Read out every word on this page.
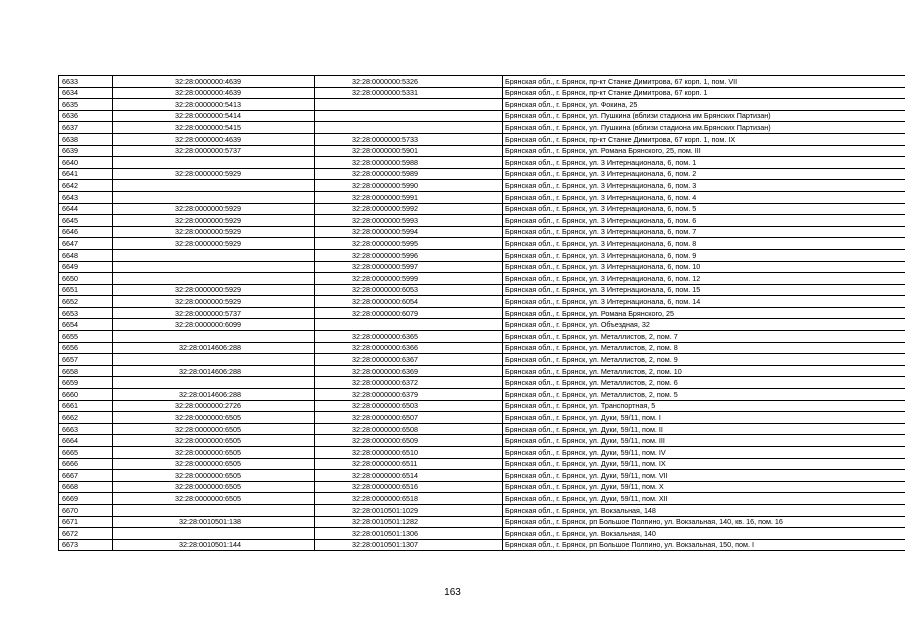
6633	32:28:0000000:4639	32:28:0000000:5326	Брянская обл., г. Брянск, пр-кт Станке Димитрова, 67 корп. 1, пом. VII
6634	32:28:0000000:4639	32:28:0000000:5331	Брянская обл., г. Брянск, пр-кт Станке Димитрова, 67 корп. 1
6635	32:28:0000000:5413		Брянская обл., г. Брянск, ул. Фокина, 25
6636	32:28:0000000:5414		Брянская обл., г. Брянск, ул. Пушкина (вблизи стадиона им Брянских Партизан)
6637	32:28:0000000:5415		Брянская обл., г. Брянск, ул. Пушкина (вблизи стадиона им.Брянских Партизан)
6638	32:28:0000000:4639	32:28:0000000:5733	Брянская обл., г. Брянск, пр-кт Станке Димитрова, 67 корп. 1, пом. IX
6639	32:28:0000000:5737	32:28:0000000:5901	Брянская обл., г. Брянск, ул. Романа Брянского, 25, пом. III
6640		32:28:0000000:5988	Брянская обл., г. Брянск, ул. 3 Интернационала, 6, пом. 1
6641	32:28:0000000:5929	32:28:0000000:5989	Брянская обл., г. Брянск, ул. 3 Интернационала, 6, пом. 2
6642		32:28:0000000:5990	Брянская обл., г. Брянск, ул. 3 Интернационала, 6, пом. 3
6643		32:28:0000000:5991	Брянская обл., г. Брянск, ул. 3 Интернационала, 6, пом. 4
6644	32:28:0000000:5929	32:28:0000000:5992	Брянская обл., г. Брянск, ул. 3 Интернационала, 6, пом. 5
6645	32:28:0000000:5929	32:28:0000000:5993	Брянская обл., г. Брянск, ул. 3 Интернационала, 6, пом. 6
6646	32:28:0000000:5929	32:28:0000000:5994	Брянская обл., г. Брянск, ул. 3 Интернационала, 6, пом. 7
6647	32:28:0000000:5929	32:28:0000000:5995	Брянская обл., г. Брянск, ул. 3 Интернационала, 6, пом. 8
6648		32:28:0000000:5996	Брянская обл., г. Брянск, ул. 3 Интернационала, 6, пом. 9
6649		32:28:0000000:5997	Брянская обл., г. Брянск, ул. 3 Интернационала, 6, пом. 10
6650		32:28:0000000:5999	Брянская обл., г. Брянск, ул. 3 Интернационала, 6, пом. 12
6651	32:28:0000000:5929	32:28:0000000:6053	Брянская обл., г. Брянск, ул. 3 Интернационала, 6, пом. 15
6652	32:28:0000000:5929	32:28:0000000:6054	Брянская обл., г. Брянск, ул. 3 Интернационала, 6, пом. 14
6653	32:28:0000000:5737	32:28:0000000:6079	Брянская обл., г. Брянск, ул. Романа Брянского, 25
6654	32:28:0000000:6099		Брянская обл., г. Брянск, ул. Объездная, 32
6655		32:28:0000000:6365	Брянская обл., г. Брянск, ул. Металлистов, 2, пом. 7
6656	32:28:0014606:288	32:28:0000000:6366	Брянская обл., г. Брянск, ул. Металлистов, 2, пом. 8
6657		32:28:0000000:6367	Брянская обл., г. Брянск, ул. Металлистов, 2, пом. 9
6658	32:28:0014606:288	32:28:0000000:6369	Брянская обл., г. Брянск, ул. Металлистов, 2, пом. 10
6659		32:28:0000000:6372	Брянская обл., г. Брянск, ул. Металлистов, 2, пом. 6
6660	32:28:0014606:288	32:28:0000000:6379	Брянская обл., г. Брянск, ул. Металлистов, 2, пом. 5
6661	32:28:0000000:2726	32:28:0000000:6503	Брянская обл., г. Брянск, ул. Транспортная, 5
6662	32:28:0000000:6505	32:28:0000000:6507	Брянская обл., г. Брянск, ул. Дуки, 59/11, пом. I
6663	32:28:0000000:6505	32:28:0000000:6508	Брянская обл., г. Брянск, ул. Дуки, 59/11, пом. II
6664	32:28:0000000:6505	32:28:0000000:6509	Брянская обл., г. Брянск, ул. Дуки, 59/11, пом. III
6665	32:28:0000000:6505	32:28:0000000:6510	Брянская обл., г. Брянск, ул. Дуки, 59/11, пом. IV
6666	32:28:0000000:6505	32:28:0000000:6511	Брянская обл., г. Брянск, ул. Дуки, 59/11, пом. IX
6667	32:28:0000000:6505	32:28:0000000:6514	Брянская обл., г. Брянск, ул. Дуки, 59/11, пом. VII
6668	32:28:0000000:6505	32:28:0000000:6516	Брянская обл., г. Брянск, ул. Дуки, 59/11, пом. X
6669	32:28:0000000:6505	32:28:0000000:6518	Брянская обл., г. Брянск, ул. Дуки, 59/11, пом. XII
6670		32:28:0010501:1029	Брянская обл., г. Брянск, ул. Вокзальная, 148
6671	32:28:0010501:138	32:28:0010501:1282	Брянская обл., г. Брянск, рп Большое Полпино, ул. Вокзальная, 140, кв. 16, пом. 16
6672		32:28:0010501:1306	Брянская обл., г. Брянск, ул. Вокзальная, 140
6673	32:28:0010501:144	32:28:0010501:1307	Брянская обл., г. Брянск, рп Большое Полпино, ул. Вокзальная, 150, пом. I
163
